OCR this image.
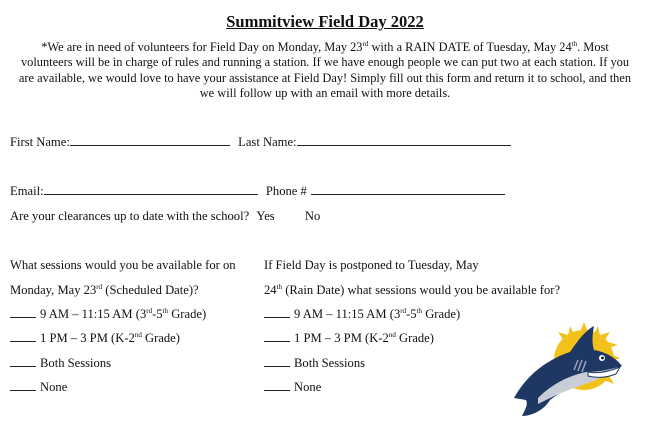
Summitview Field Day 2022
*We are in need of volunteers for Field Day on Monday, May 23rd with a RAIN DATE of Tuesday, May 24th. Most volunteers will be in charge of rules and running a station. If we have enough people we can put two at each station. If you are available, we would love to have your assistance at Field Day! Simply fill out this form and return it to school, and then we will follow up with an email with more details.
First Name:	Last Name:
Email:	Phone #
Are your clearances up to date with the school? Yes No
What sessions would you be available for on
Monday, May 23rd (Scheduled Date)?
9 AM – 11:15 AM (3rd-5th Grade)
1 PM – 3 PM (K-2nd Grade)
Both Sessions
None
If Field Day is postponed to Tuesday, May
24th (Rain Date) what sessions would you be available for?
9 AM – 11:15 AM (3rd-5th Grade)
1 PM – 3 PM (K-2nd Grade)
Both Sessions
None
